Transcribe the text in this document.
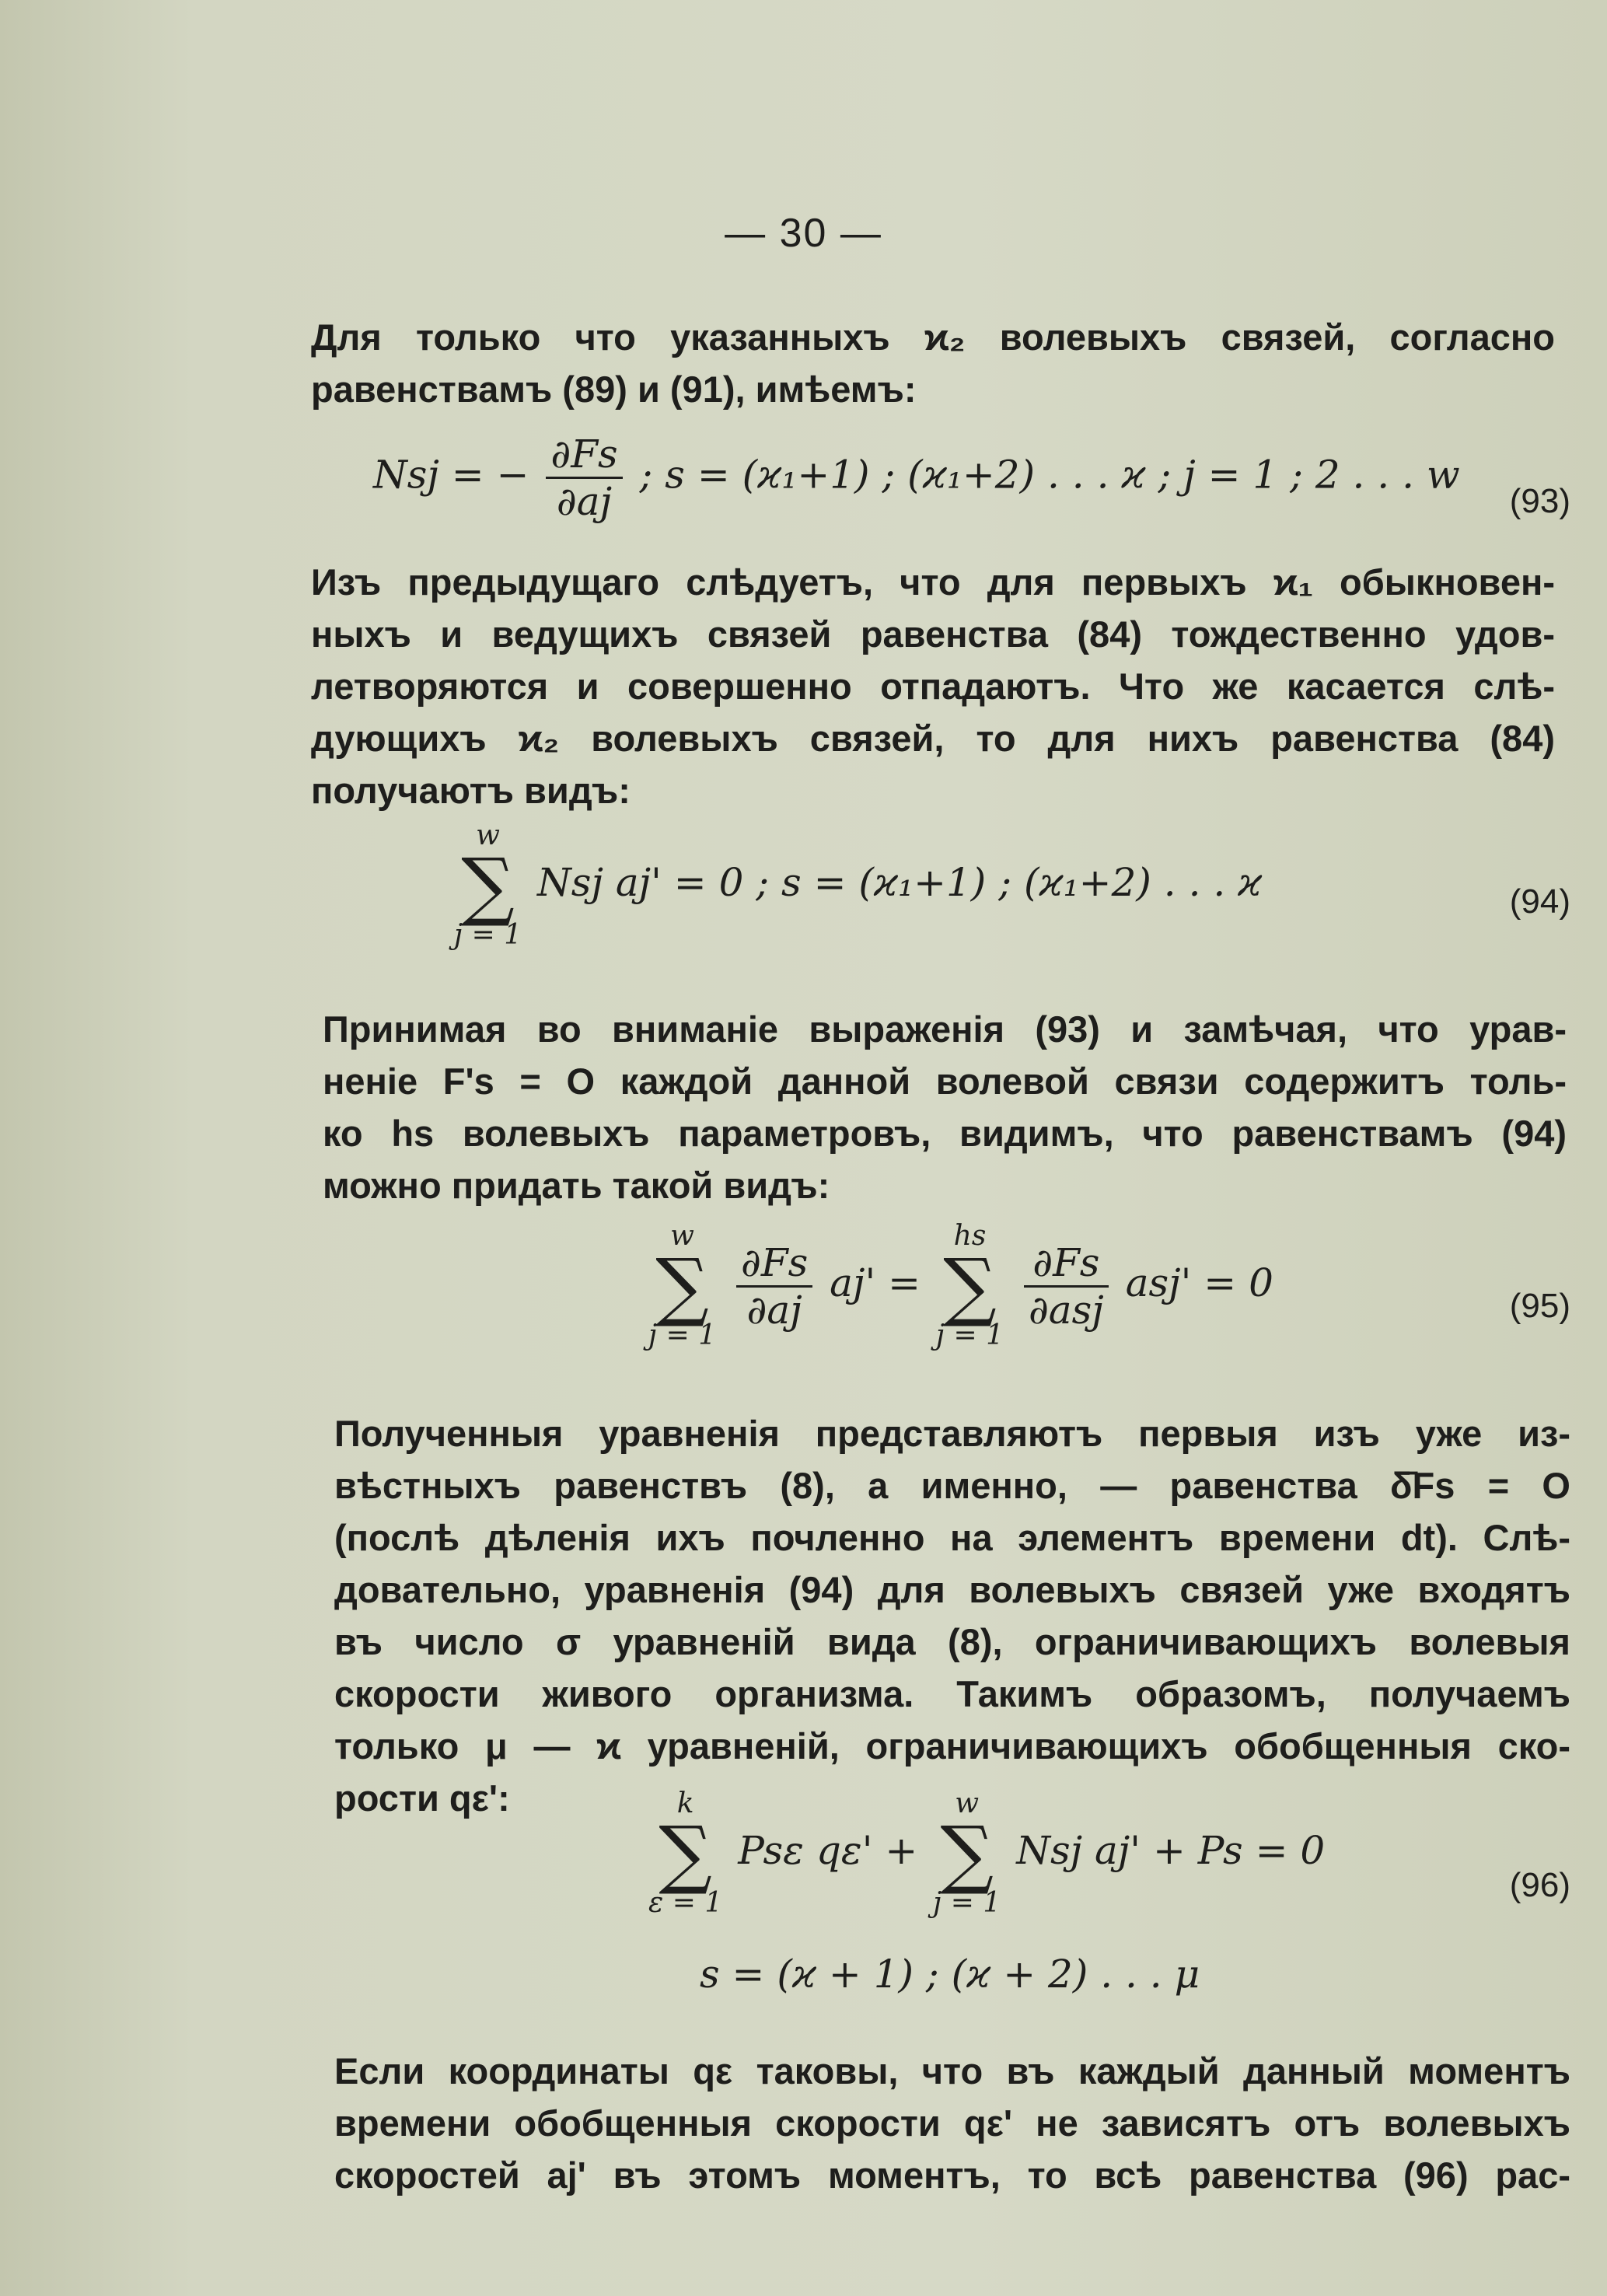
— 30 —
Для только что указанныхъ ϰ₂ волевыхъ связей, согласно
равенствамъ (89) и (91), имѣемъ:
Nsj = − $\frac{\partial Fs}{\partial aj}$ ; s = (ϰ₁+1) ; (ϰ₁+2) . . . ϰ ; j = 1 ; 2 . . . w
(93)
Изъ предыдущаго слѣдуетъ, что для первыхъ ϰ₁ обыкновен-
ныхъ и ведущихъ связей равенства (84) тождественно удов-
летворяются и совершенно отпадаютъ. Что же касается слѣ-
дующихъ ϰ₂ волевыхъ связей, то для нихъ равенства (84)
получаютъ видъ:
w
∑
j = 1
Nsj aj' = 0 ; s = (ϰ₁+1) ; (ϰ₁+2) . . . ϰ	(94)
Принимая во вниманіе выраженія (93) и замѣчая, что урав-
неніе F's = O каждой данной волевой связи содержитъ толь-
ко hs волевыхъ параметровъ, видимъ, что равенствамъ (94)
можно придать такой видъ:
w
∑
j = 1

$\frac{\partial Fs}{\partial aj} aj'$ =
hs
∑
j = 1

$\frac{\partial Fs}{\text{∂asj}} asj' = 0$
(95)
Полученныя уравненія представляютъ первыя изъ уже из-
вѣстныхъ равенствъ (8), а именно, — равенства δ̄Fs = O
(послѣ дѣленія ихъ почленно на элементъ времени dt). Слѣ-
довательно, уравненія (94) для волевыхъ связей уже входятъ
въ число σ уравненій вида (8), ограничивающихъ волевыя
скорости живого организма. Такимъ образомъ, получаемъ
только μ — ϰ уравненій, ограничивающихъ обобщенныя ско-
рости qε':	k
∑
ε = 1
Psε qε' +
w
∑
j = 1
Nsj aj' + Ps = 0
s = (ϰ + 1) ; (ϰ + 2) . . . μ
(96)
Если координаты qε таковы, что въ каждый данный моментъ
времени обобщенныя скорости qε' не зависятъ отъ волевыхъ
скоростей aj' въ этомъ моментъ, то всѣ равенства (96) рас-
